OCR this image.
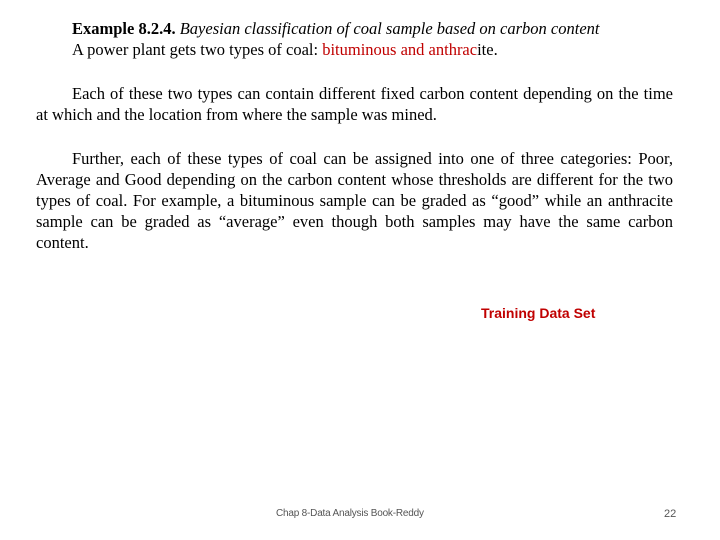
Example 8.2.4. Bayesian classification of coal sample based on carbon content
A power plant gets two types of coal: bituminous and anthracite.

Each of these two types can contain different fixed carbon content depending on the time at which and the location from where the sample was mined.

Further, each of these types of coal can be assigned into one of three categories: Poor, Average and Good depending on the carbon content whose thresholds are different for the two types of coal. For example, a bituminous sample can be graded as “good” while an anthracite sample can be graded as “average” even though both samples may have the same carbon content.

Training Data Set
Chap 8-Data Analysis Book-Reddy	22
